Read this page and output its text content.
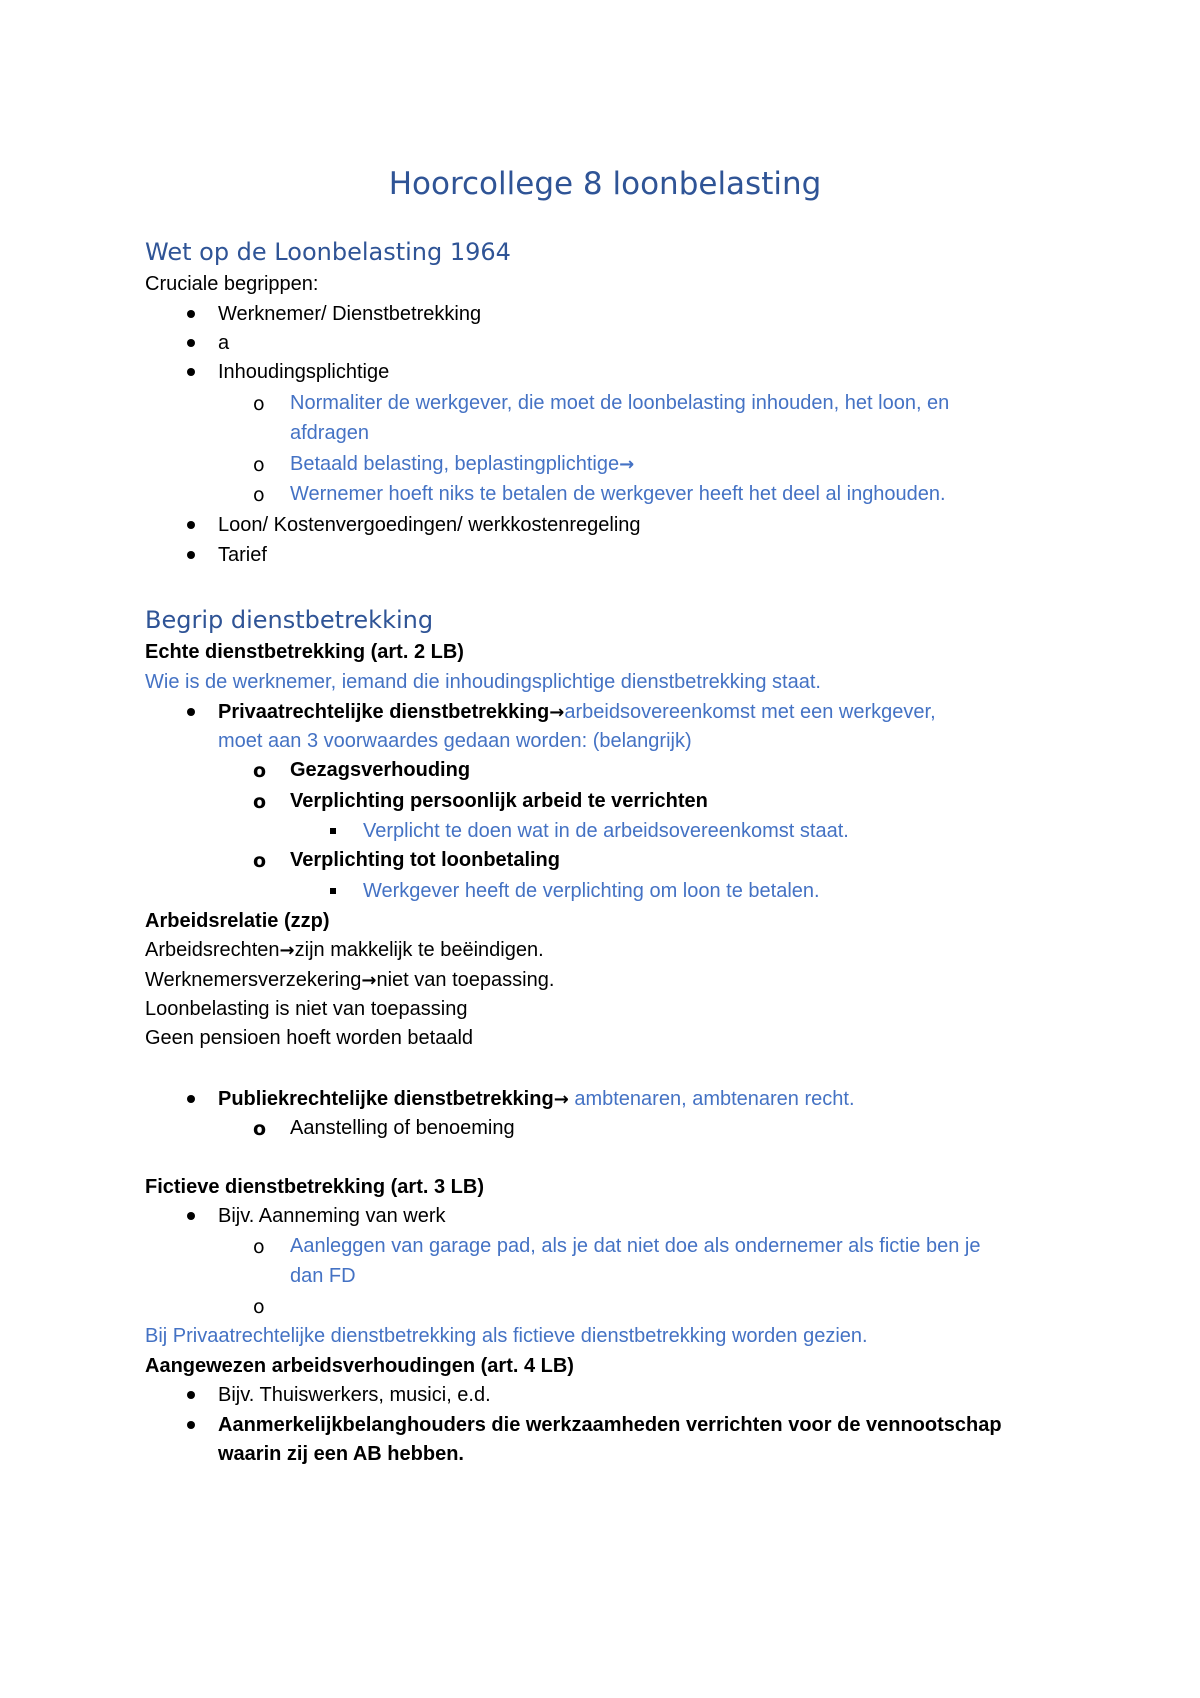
Hoorcollege 8 loonbelasting
Wet op de Loonbelasting 1964
Cruciale begrippen:
Werknemer/ Dienstbetrekking
a
Inhoudingsplichtige
o Normaliter de werkgever, die moet de loonbelasting inhouden, het loon, en
afdragen
o Betaald belasting, beplastingplichtige→
o Wernemer hoeft niks te betalen de werkgever heeft het deel al inghouden.
Loon/ Kostenvergoedingen/ werkkostenregeling
Tarief
Begrip dienstbetrekking
Echte dienstbetrekking (art. 2 LB)
Wie is de werknemer, iemand die inhoudingsplichtige dienstbetrekking staat.
Privaatrechtelijke dienstbetrekking→arbeidsovereenkomst met een werkgever,
moet aan 3 voorwaardes gedaan worden: (belangrijk)
o Gezagsverhouding
o Verplichting persoonlijk arbeid te verrichten
Verplicht te doen wat in de arbeidsovereenkomst staat.
o Verplichting tot loonbetaling
Werkgever heeft de verplichting om loon te betalen.
Arbeidsrelatie (zzp)
Arbeidsrechten→zijn makkelijk te beëindigen.
Werknemersverzekering→niet van toepassing.
Loonbelasting is niet van toepassing
Geen pensioen hoeft worden betaald
Publiekrechtelijke dienstbetrekking→ ambtenaren, ambtenaren recht.
o Aanstelling of benoeming
Fictieve dienstbetrekking (art. 3 LB)
Bijv. Aanneming van werk
o Aanleggen van garage pad, als je dat niet doe als ondernemer als fictie ben je
dan FD
o
Bij Privaatrechtelijke dienstbetrekking als fictieve dienstbetrekking worden gezien.
Aangewezen arbeidsverhoudingen (art. 4 LB)
Bijv. Thuiswerkers, musici, e.d.
Aanmerkelijkbelanghouders die werkzaamheden verrichten voor de vennootschap
waarin zij een AB hebben.
